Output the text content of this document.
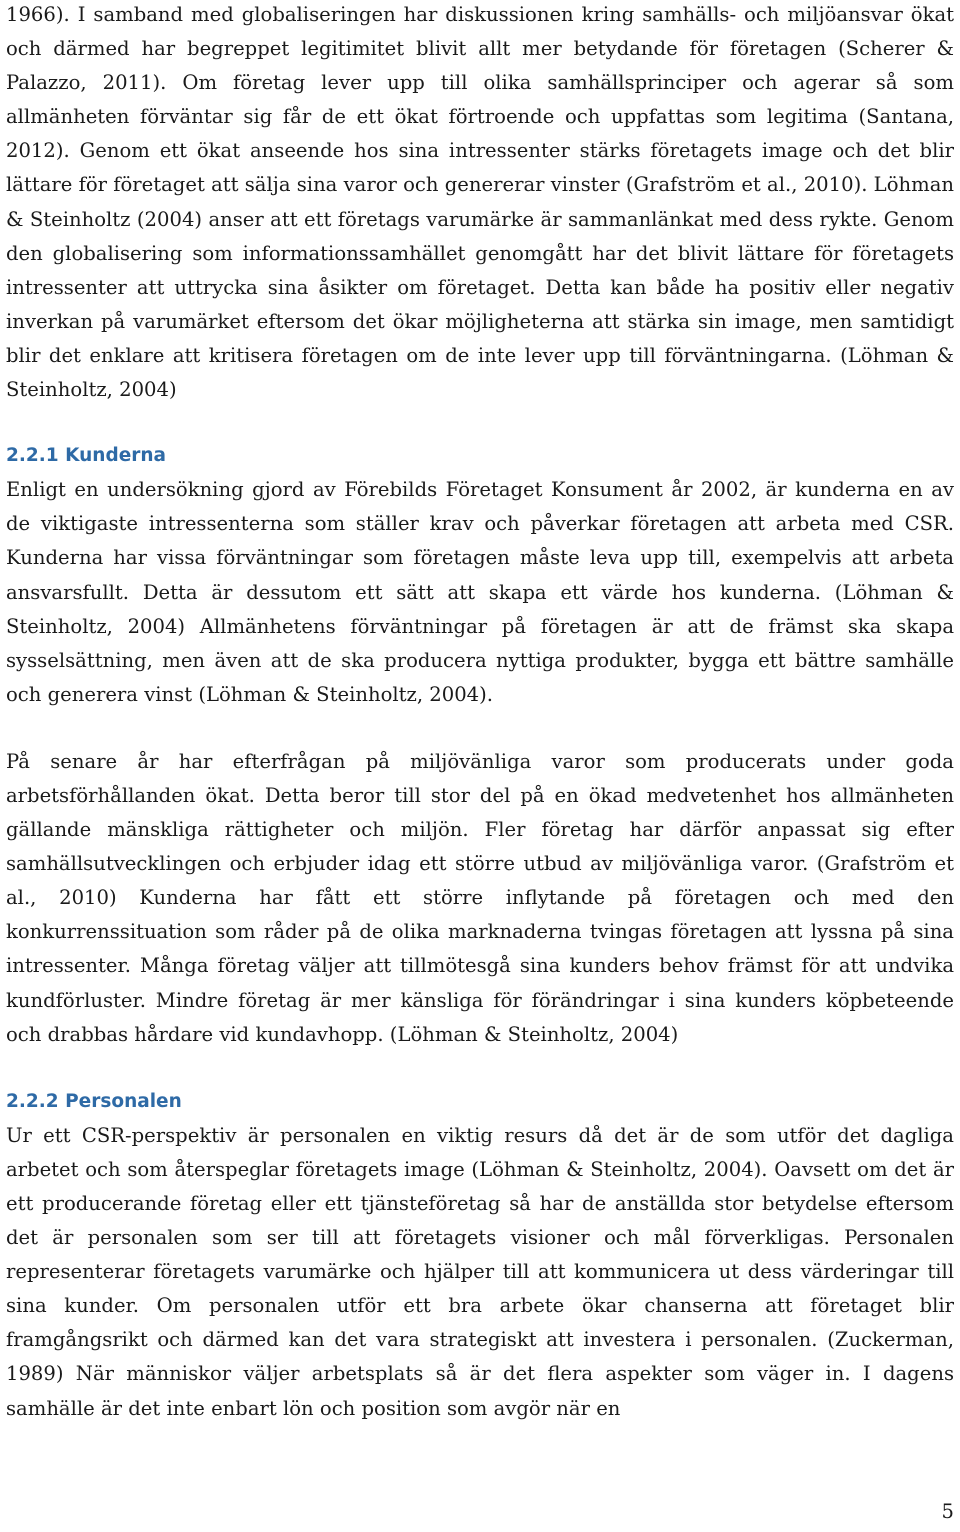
1966). I samband med globaliseringen har diskussionen kring samhälls- och miljöansvar ökat och därmed har begreppet legitimitet blivit allt mer betydande för företagen (Scherer & Palazzo, 2011). Om företag lever upp till olika samhällsprinciper och agerar så som allmänheten förväntar sig får de ett ökat förtroende och uppfattas som legitima (Santana, 2012). Genom ett ökat anseende hos sina intressenter stärks företagets image och det blir lättare för företaget att sälja sina varor och genererar vinster (Grafström et al., 2010). Löhman & Steinholtz (2004) anser att ett företags varumärke är sammanlänkat med dess rykte. Genom den globalisering som informationssamhället genomgått har det blivit lättare för företagets intressenter att uttrycka sina åsikter om företaget. Detta kan både ha positiv eller negativ inverkan på varumärket eftersom det ökar möjligheterna att stärka sin image, men samtidigt blir det enklare att kritisera företagen om de inte lever upp till förväntningarna. (Löhman & Steinholtz, 2004)

2.2.1 Kunderna

Enligt en undersökning gjord av Förebilds Företaget Konsument år 2002, är kunderna en av de viktigaste intressenterna som ställer krav och påverkar företagen att arbeta med CSR. Kunderna har vissa förväntningar som företagen måste leva upp till, exempelvis att arbeta ansvarsfullt. Detta är dessutom ett sätt att skapa ett värde hos kunderna. (Löhman & Steinholtz, 2004) Allmänhetens förväntningar på företagen är att de främst ska skapa sysselsättning, men även att de ska producera nyttiga produkter, bygga ett bättre samhälle och generera vinst (Löhman & Steinholtz, 2004).

På senare år har efterfrågan på miljövänliga varor som producerats under goda arbetsförhållanden ökat. Detta beror till stor del på en ökad medvetenhet hos allmänheten gällande mänskliga rättigheter och miljön. Fler företag har därför anpassat sig efter samhällsutvecklingen och erbjuder idag ett större utbud av miljövänliga varor. (Grafström et al., 2010) Kunderna har fått ett större inflytande på företagen och med den konkurrenssituation som råder på de olika marknaderna tvingas företagen att lyssna på sina intressenter. Många företag väljer att tillmötesgå sina kunders behov främst för att undvika kundförluster. Mindre företag är mer känsliga för förändringar i sina kunders köpbeteende och drabbas hårdare vid kundavhopp. (Löhman & Steinholtz, 2004)

2.2.2 Personalen

Ur ett CSR-perspektiv är personalen en viktig resurs då det är de som utför det dagliga arbetet och som återspeglar företagets image (Löhman & Steinholtz, 2004). Oavsett om det är ett producerande företag eller ett tjänsteföretag så har de anställda stor betydelse eftersom det är personalen som ser till att företagets visioner och mål förverkligas. Personalen representerar företagets varumärke och hjälper till att kommunicera ut dess värderingar till sina kunder. Om personalen utför ett bra arbete ökar chanserna att företaget blir framgångsrikt och därmed kan det vara strategiskt att investera i personalen. (Zuckerman, 1989) När människor väljer arbetsplats så är det flera aspekter som väger in. I dagens samhälle är det inte enbart lön och position som avgör när en

5
